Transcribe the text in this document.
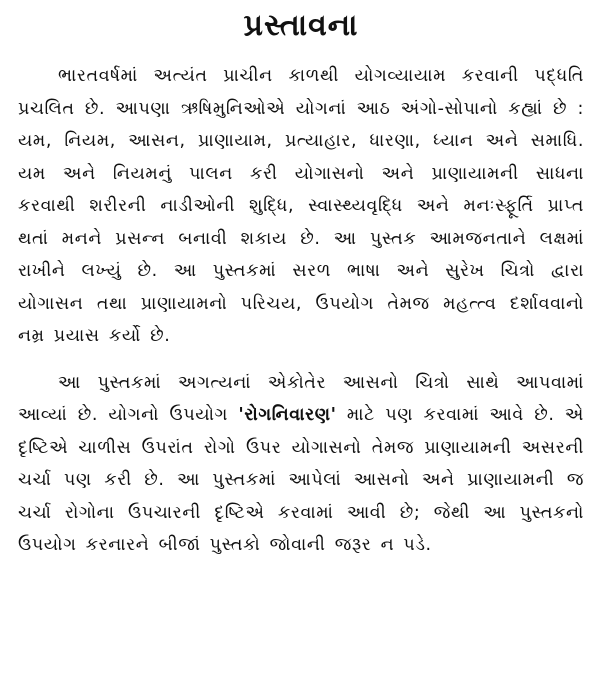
પ્રસ્તાવના

ભારતવર્ષમાં અત્યંત પ્રાચીન કાળથી યોગવ્યાયામ કરવાની પદ્ધતિ પ્રચલિત છે. આપણા ઋષિમુનિઓએ યોગનાં આઠ અંગો-સોપાનો કહ્યાં છે : યમ, નિયમ, આસન, પ્રાણાયામ, પ્રત્યાહાર, ધારણા, ધ્યાન અને સમાધિ. યમ અને નિયમનું પાલન કરી યોગાસનો અને પ્રાણાયામની સાધના કરવાથી શરીરની નાડીઓની શુદ્ધિ, સ્વાસ્થ્યવૃદ્ધિ અને મનઃસ્ફૂર્તિ પ્રાપ્ત થતાં મનને પ્રસન્ન બનાવી શકાય છે. આ પુસ્તક આમજનતાને લક્ષમાં રાખીને લખ્યું છે. આ પુસ્તકમાં સરળ ભાષા અને સુરેખ ચિત્રો દ્વારા યોગાસન તથા પ્રાણાયામનો પરિચય, ઉપયોગ તેમજ મહત્ત્વ દર્શાવવાનો નમ્ર પ્રયાસ કર્યો છે.

આ પુસ્તકમાં અગત્યનાં એકોતેર આસનો ચિત્રો સાથે આપવામાં આવ્યાં છે. યોગનો ઉપયોગ 'રોગનિવારણ' માટે પણ કરવામાં આવે છે. એ દૃષ્ટિએ ચાળીસ ઉપરાંત રોગો ઉપર યોગાસનો તેમજ પ્રાણાયામની અસરની ચર્ચા પણ કરી છે. આ પુસ્તકમાં આપેલાં આસનો અને પ્રાણાયામની જ ચર્ચા રોગોના ઉપચારની દૃષ્ટિએ કરવામાં આવી છે; જેથી આ પુસ્તકનો ઉપયોગ કરનારને બીજાં પુસ્તકો જોવાની જરૂર ન પડે.
